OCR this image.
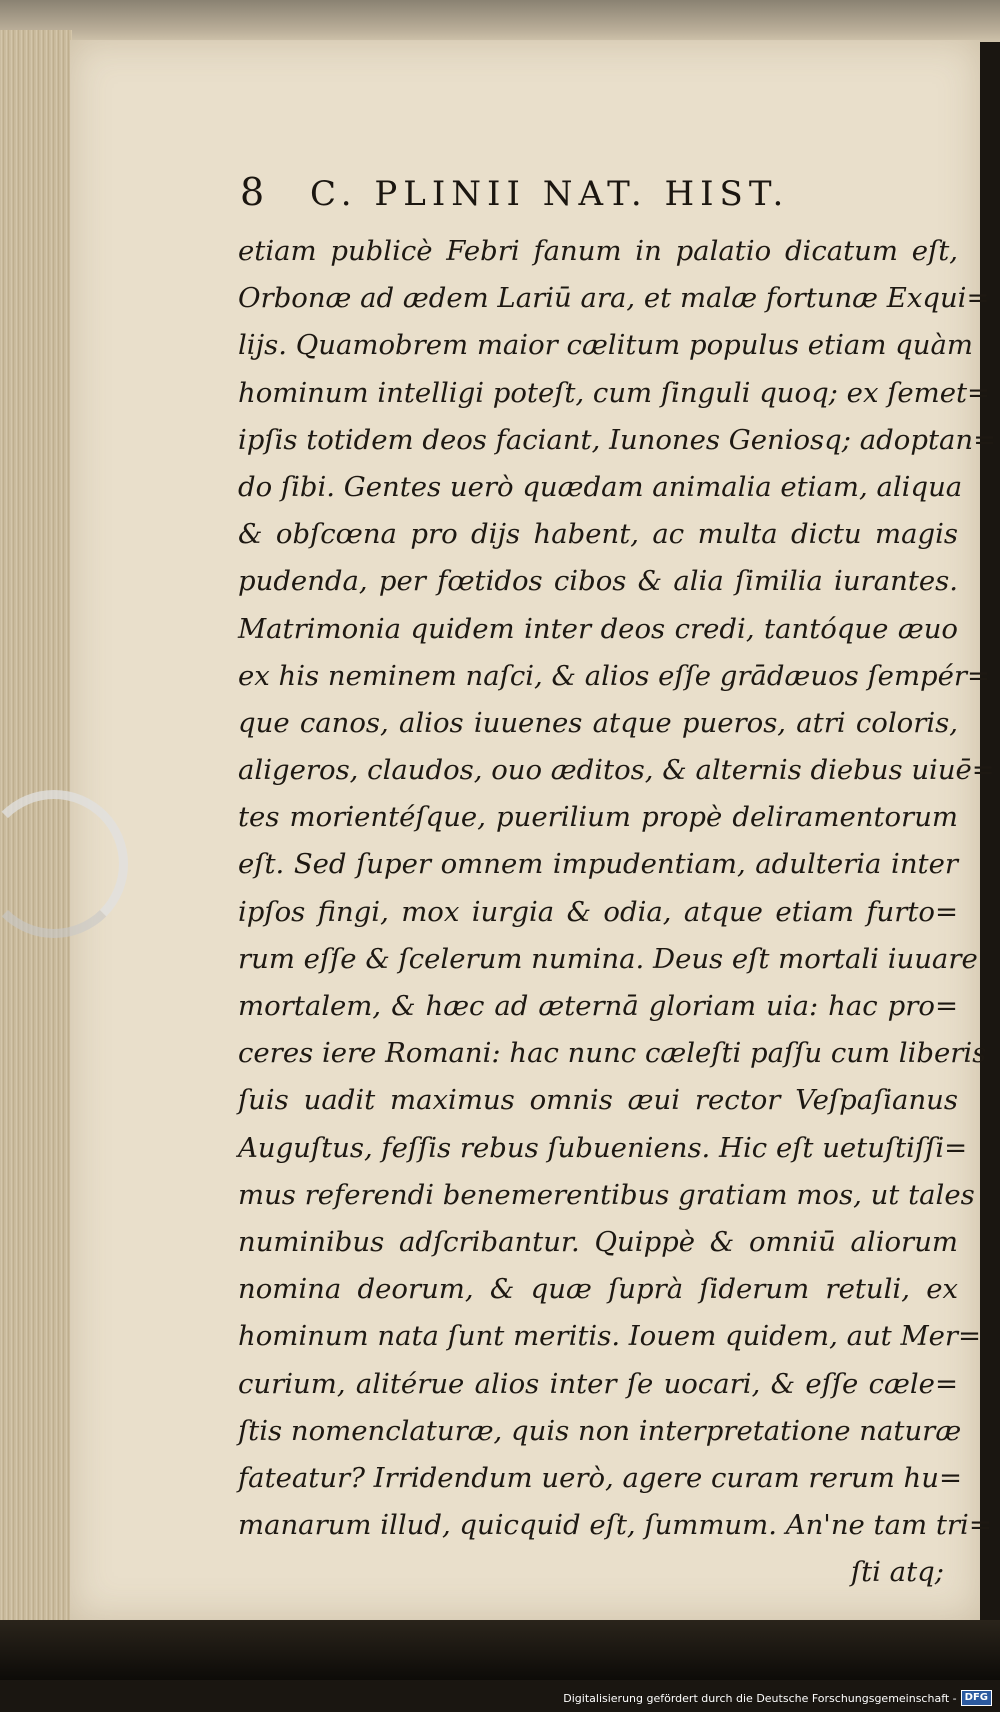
8	C. PLINII NAT. HIST.
etiam publicè Febri fanum in palatio dicatum eſt,
Orbonæ ad ædem Lariū ara, et malæ fortunæ Exqui=
lijs. Quamobrem maior cælitum populus etiam quàm
hominum intelligi poteſt, cum ſinguli quoq; ex ſemet=
ipſis totidem deos faciant, Iunones Geniosq; adoptan=
do ſibi. Gentes uerò quædam animalia etiam, aliqua
& obſcœna pro dijs habent, ac multa dictu magis
pudenda, per fœtidos cibos & alia ſimilia iurantes.
Matrimonia quidem inter deos credi, tantóque æuo
ex his neminem naſci, & alios eſſe grādæuos ſempér=
que canos, alios iuuenes atque pueros, atri coloris,
aligeros, claudos, ouo æditos, & alternis diebus uiuē=
tes morientéſque, puerilium propè deliramentorum
eſt. Sed ſuper omnem impudentiam, adulteria inter
ipſos fingi, mox iurgia & odia, atque etiam furto=
rum eſſe & ſcelerum numina. Deus eſt mortali iuuare
mortalem, & hæc ad æternā gloriam uia: hac pro=
ceres iere Romani: hac nunc cæleſti paſſu cum liberis
ſuis uadit maximus omnis æui rector Veſpaſianus
Auguſtus, feſſis rebus ſubueniens. Hic eſt uetuſtiſſi=
mus referendi benemerentibus gratiam mos, ut tales
numinibus adſcribantur. Quippè & omniū aliorum
nomina deorum, & quæ ſuprà ſiderum retuli, ex
hominum nata ſunt meritis. Iouem quidem, aut Mer=
curium, alitérue alios inter ſe uocari, & eſſe cæle=
ſtis nomenclaturæ, quis non interpretatione naturæ
fateatur? Irridendum uerò, agere curam rerum hu=
manarum illud, quicquid eſt, ſummum. An'ne tam tri=
ſti atq;
Digitalisierung gefördert durch die Deutsche Forschungsgemeinschaft - DFG
